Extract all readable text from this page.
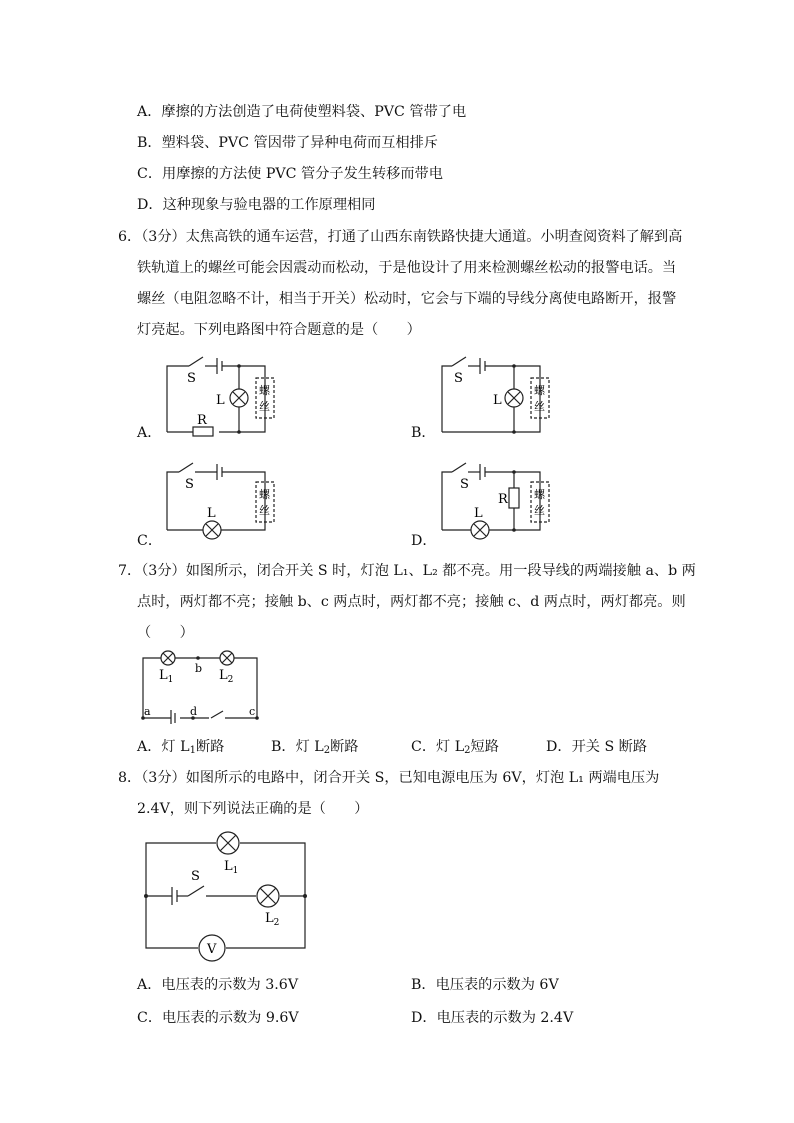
A．摩擦的方法创造了电荷使塑料袋、PVC 管带了电
B．塑料袋、PVC 管因带了异种电荷而互相排斥
C．用摩擦的方法使 PVC 管分子发生转移而带电
D．这种现象与验电器的工作原理相同
6．（3分）太焦高铁的通车运营，打通了山西东南铁路快捷大通道。小明查阅资料了解到高
铁轨道上的螺丝可能会因震动而松动，于是他设计了用来检测螺丝松动的报警电话。当
螺丝（电阻忽略不计，相当于开关）松动时，它会与下端的导线分离使电路断开，报警
灯亮起。下列电路图中符合题意的是（　　）
A．	B．
C．	D．
S
L
R
螺
丝
S
L
螺
丝
S
L
螺
丝
S
L
R 螺
丝
7．（3分）如图所示，闭合开关 S 时，灯泡 L₁、L₂ 都不亮。用一段导线的两端接触 a、b 两
点时，两灯都不亮；接触 b、c 两点时，两灯都不亮；接触 c、d 两点时，两灯都亮。则
（　　）
$L_1$
b $L_2$
a	d	c
A．灯 $L_1$断路	B．灯 $L_2$断路	C．灯 $L_2$短路	D．开关 S 断路
8．（3分）如图所示的电路中，闭合开关 S，已知电源电压为 6V，灯泡 L₁ 两端电压为
2.4V，则下列说法正确的是（　　）
$L_1$
S
$L_2$
V
A．电压表的示数为 3.6V	B．电压表的示数为 6V
C．电压表的示数为 9.6V	D．电压表的示数为 2.4V
